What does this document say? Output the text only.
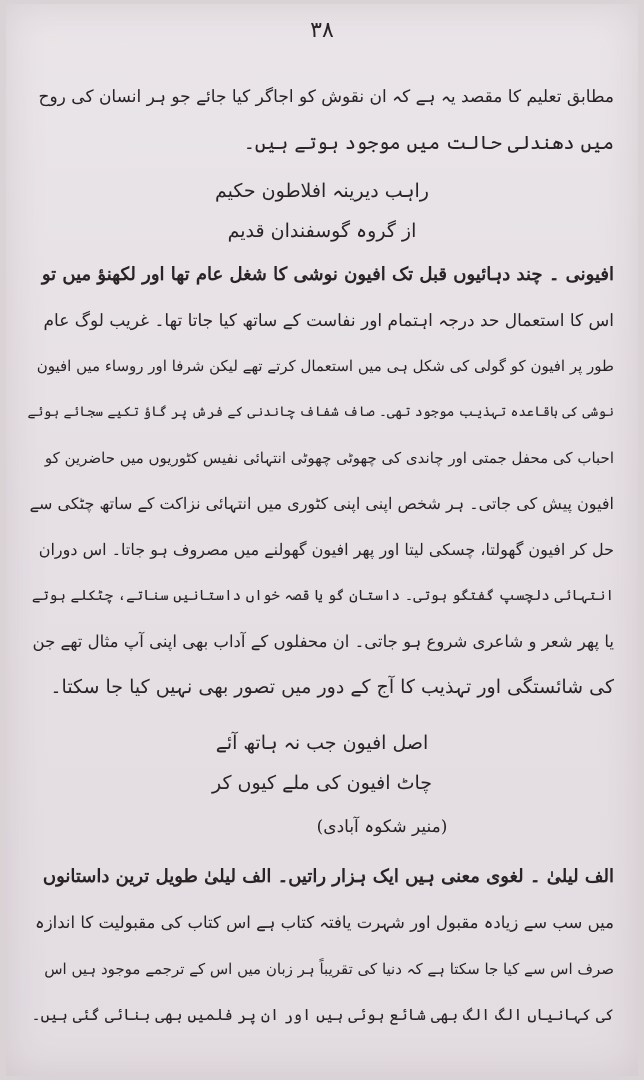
۳۸
مطابق تعلیم کا مقصد یہ ہے کہ ان نقوش کو اجاگر کیا جائے جو ہر انسان کی روح
میں دھندلی حالت میں موجود ہوتے ہیں۔
راہب دیرینہ افلاطون حکیم
از گروہ گوسفندان قدیم
افیونی ۔ چند دہائیوں قبل تک افیون نوشی کا شغل عام تھا اور لکھنؤ میں تو
اس کا استعمال حد درجہ اہتمام اور نفاست کے ساتھ کیا جاتا تھا۔ غریب لوگ عام
طور پر افیون کو گولی کی شکل ہی میں استعمال کرتے تھے لیکن شرفا اور روساء میں افیون
نوشی کی باقاعدہ تہذیب موجود تھی۔ صاف شفاف چاندنی کے فرش پر گاؤ تکیے سجائے ہوئے
احباب کی محفل جمتی اور چاندی کی چھوٹی چھوٹی انتہائی نفیس کٹوریوں میں حاضرین کو
افیون پیش کی جاتی۔ ہر شخص اپنی اپنی کٹوری میں انتہائی نزاکت کے ساتھ چٹکی سے
حل کر افیون گھولتا، چسکی لیتا اور پھر افیون گھولنے میں مصروف ہو جاتا۔ اس دوران
انتہائی دلچسپ گفتگو ہوتی۔ داستان گو یا قصہ خواں داستانیں سناتے، چٹکلے ہوتے
یا پھر شعر و شاعری شروع ہو جاتی۔ ان محفلوں کے آداب بھی اپنی آپ مثال تھے جن
کی شائستگی اور تہذیب کا آج کے دور میں تصور بھی نہیں کیا جا سکتا۔
اصل افیون جب نہ ہاتھ آئے
چاٹ افیون کی ملے کیوں کر
(منیر شکوہ آبادی)
الف لیلیٰ ۔ لغوی معنی ہیں ایک ہزار راتیں۔ الف لیلیٰ طویل ترین داستانوں
میں سب سے زیادہ مقبول اور شہرت یافتہ کتاب ہے اس کتاب کی مقبولیت کا اندازہ
صرف اس سے کیا جا سکتا ہے کہ دنیا کی تقریباً ہر زبان میں اس کے ترجمے موجود ہیں اس
کی کہانیاں الگ الگ بھی شائع ہوئی ہیں اور ان پر فلمیں بھی بنائی گئی ہیں۔
